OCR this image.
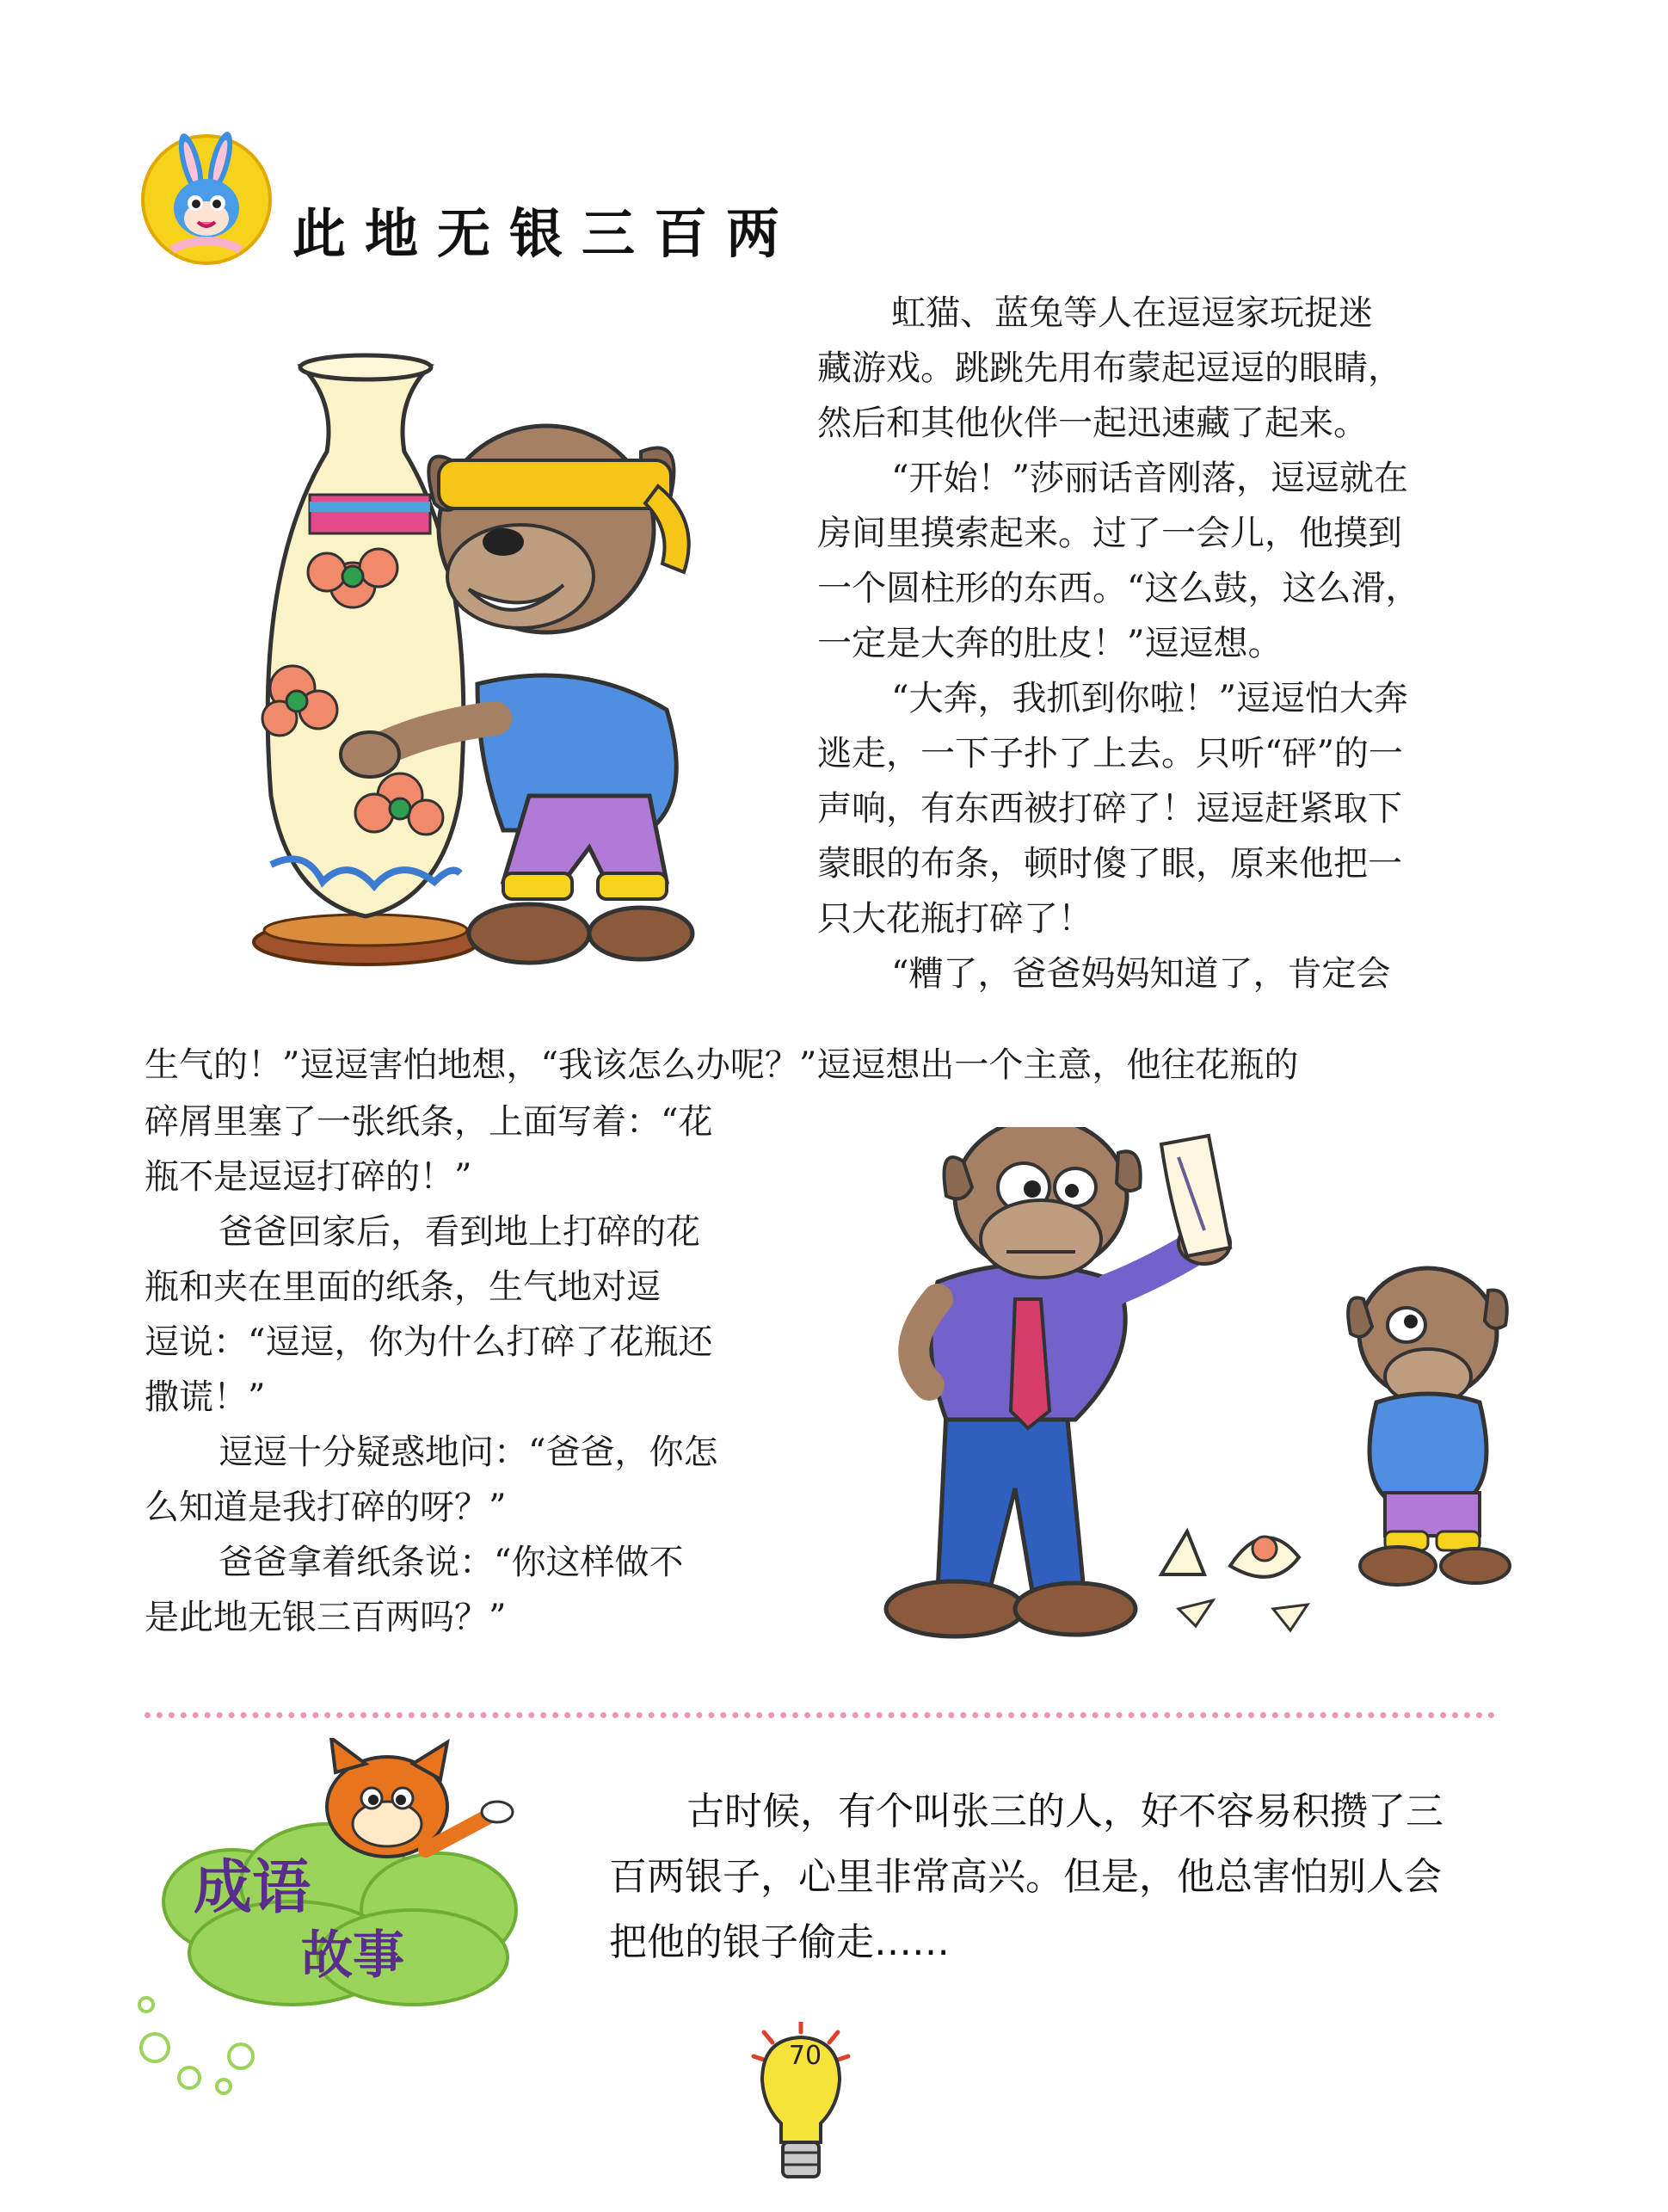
此地无银三百两
虹猫、蓝兔等人在逗逗家玩捉迷
藏游戏。跳跳先用布蒙起逗逗的眼睛，
然后和其他伙伴一起迅速藏了起来。
“开始！”莎丽话音刚落，逗逗就在
房间里摸索起来。过了一会儿，他摸到
一个圆柱形的东西。“这么鼓，这么滑，
一定是大奔的肚皮！”逗逗想。
“大奔，我抓到你啦！”逗逗怕大奔
逃走，一下子扑了上去。只听“砰”的一
声响，有东西被打碎了！逗逗赶紧取下
蒙眼的布条，顿时傻了眼，原来他把一
只大花瓶打碎了！
“糟了，爸爸妈妈知道了，肯定会
生气的！”逗逗害怕地想，“我该怎么办呢？”逗逗想出一个主意，他往花瓶的
碎屑里塞了一张纸条，上面写着：“花
瓶不是逗逗打碎的！”
爸爸回家后，看到地上打碎的花
瓶和夹在里面的纸条，生气地对逗
逗说：“逗逗，你为什么打碎了花瓶还
撒谎！”
逗逗十分疑惑地问：“爸爸，你怎
么知道是我打碎的呀？”
爸爸拿着纸条说：“你这样做不
是此地无银三百两吗？”
成语
故事
古时候，有个叫张三的人，好不容易积攒了三
百两银子，心里非常高兴。但是，他总害怕别人会
把他的银子偷走……
70
